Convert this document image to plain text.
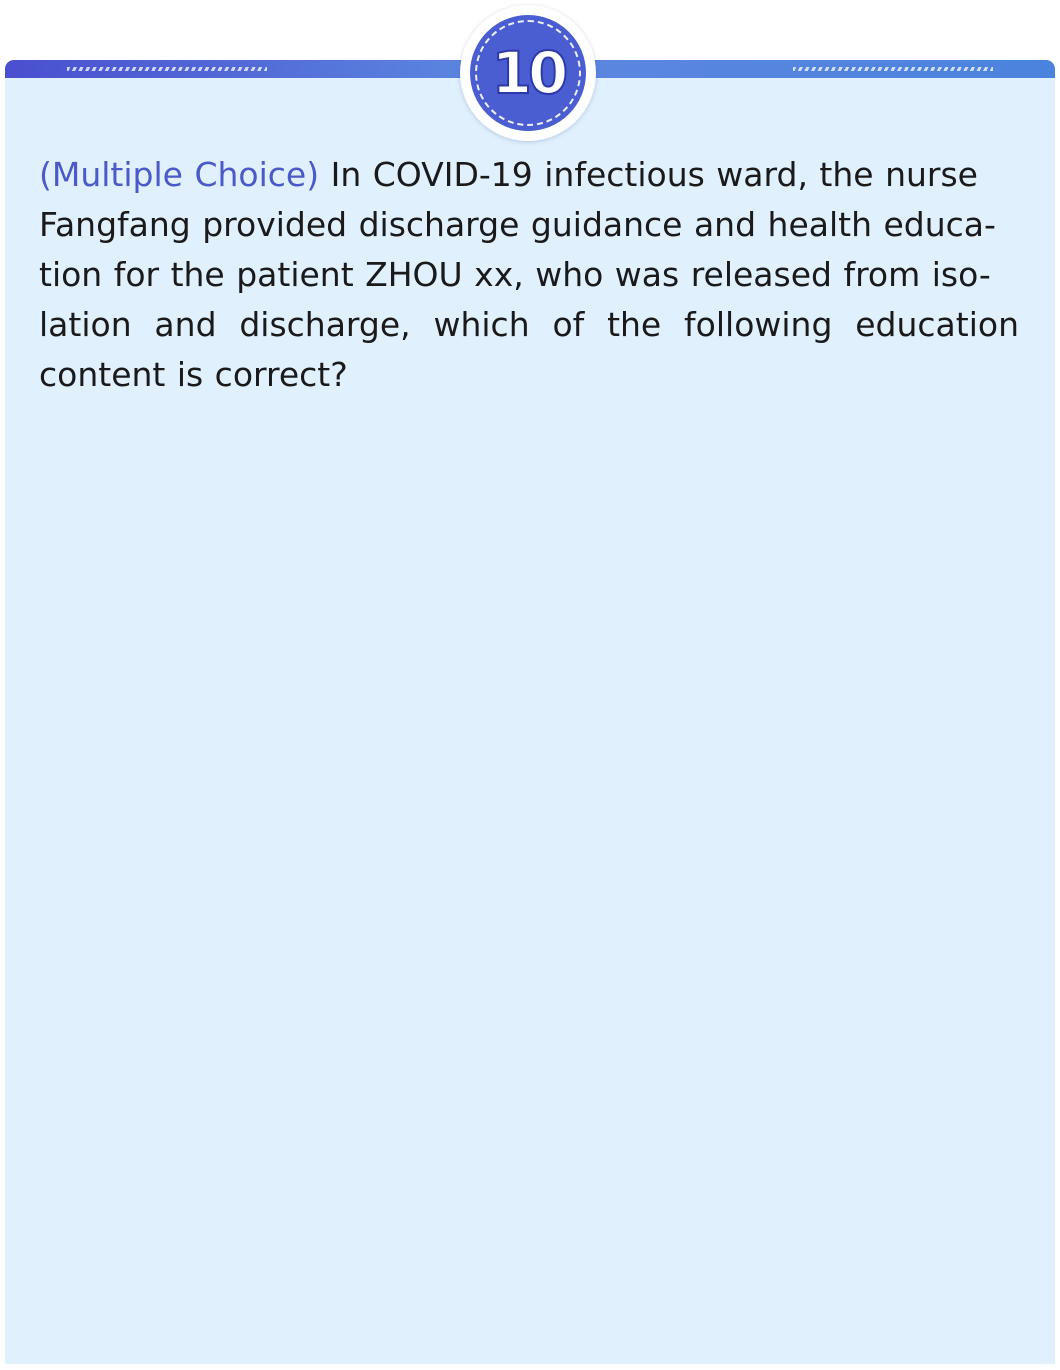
10
(Multiple Choice) In COVID-19 infectious ward, the nurse
Fangfang provided discharge guidance and health educa-
tion for the patient ZHOU xx, who was released from iso-
lation and discharge, which of the following education
content is correct?
